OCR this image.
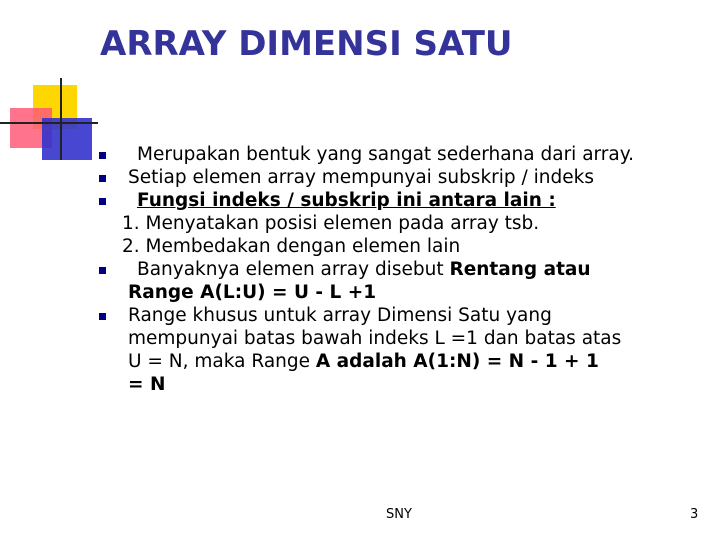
ARRAY DIMENSI SATU
Merupakan bentuk yang sangat sederhana dari array.
Setiap elemen array mempunyai subskrip / indeks
Fungsi indeks / subskrip ini antara lain :
1. Menyatakan posisi elemen pada array tsb.
2. Membedakan dengan elemen lain
Banyaknya elemen array disebut Rentang atau
Range A(L:U) = U - L +1
Range khusus untuk array Dimensi Satu yang
mempunyai batas bawah indeks L =1 dan batas atas
U = N, maka Range A adalah A(1:N) = N - 1 + 1
= N
SNY	3
